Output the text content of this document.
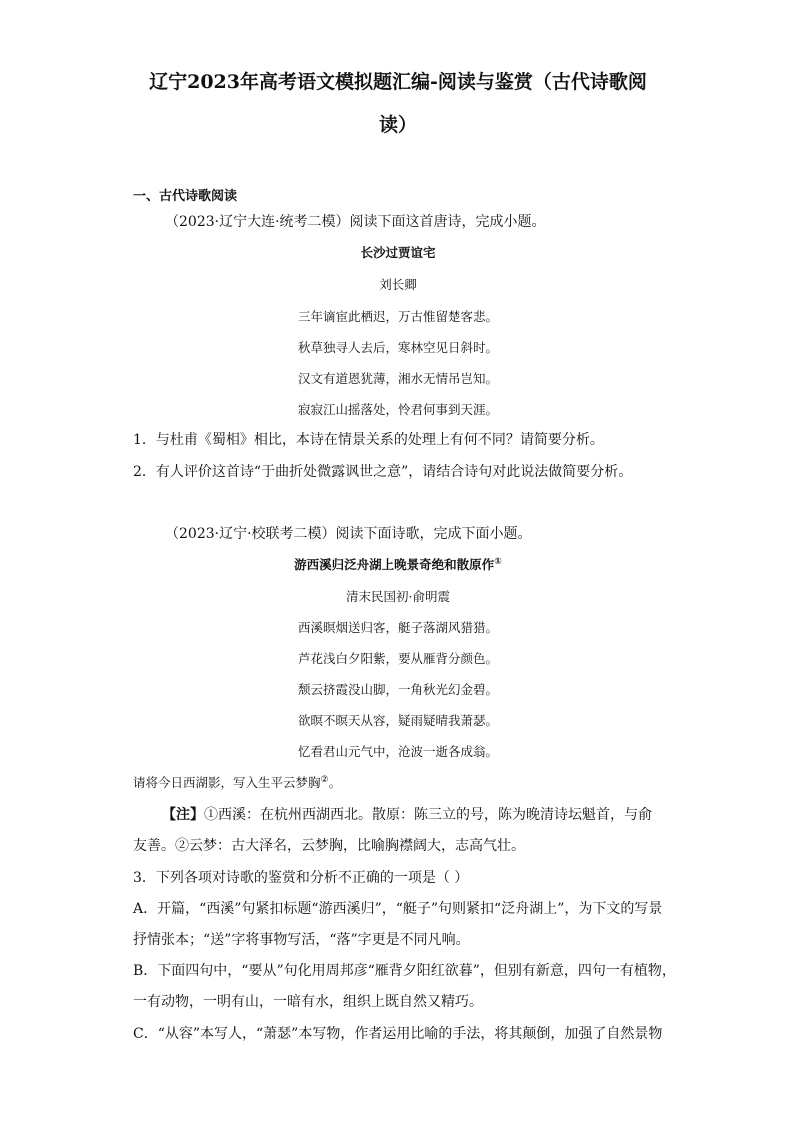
辽宁2023年高考语文模拟题汇编-阅读与鉴赏（古代诗歌阅
读）
一、古代诗歌阅读
（2023·辽宁大连·统考二模）阅读下面这首唐诗，完成小题。
长沙过贾谊宅
刘长卿
三年谪宦此栖迟，万古惟留楚客悲。
秋草独寻人去后，寒林空见日斜时。
汉文有道恩犹薄，湘水无情吊岂知。
寂寂江山摇落处，怜君何事到天涯。
1．与杜甫《蜀相》相比，本诗在情景关系的处理上有何不同？请简要分析。
2．有人评价这首诗“于曲折处微露讽世之意”，请结合诗句对此说法做简要分析。
（2023·辽宁·校联考二模）阅读下面诗歌，完成下面小题。
游西溪归泛舟湖上晚景奇绝和散原作①
清末民国初·俞明震
西溪暝烟送归客，艇子落湖风猎猎。
芦花浅白夕阳紫，要从雁背分颜色。
颓云挤霞没山脚，一角秋光幻金碧。
欲暝不暝天从容，疑雨疑晴我萧瑟。
忆看君山元气中，沧波一逝各成翁。
请将今日西湖影，写入生平云梦胸②。
【注】①西溪：在杭州西湖西北。散原：陈三立的号，陈为晚清诗坛魁首，与俞
友善。②云梦：古大泽名，云梦胸，比喻胸襟阔大，志高气壮。
3．下列各项对诗歌的鉴赏和分析不正确的一项是（ ）
A．开篇，“西溪”句紧扣标题“游西溪归”，“艇子”句则紧扣“泛舟湖上”，为下文的写景
抒情张本；“送”字将事物写活，“落”字更是不同凡响。
B．下面四句中，“要从”句化用周邦彦“雁背夕阳红欲暮”，但别有新意，四句一有植物，
一有动物，一明有山，一暗有水，组织上既自然又精巧。
C．“从容”本写人，“萧瑟”本写物，作者运用比喻的手法，将其颠倒，加强了自然景物
